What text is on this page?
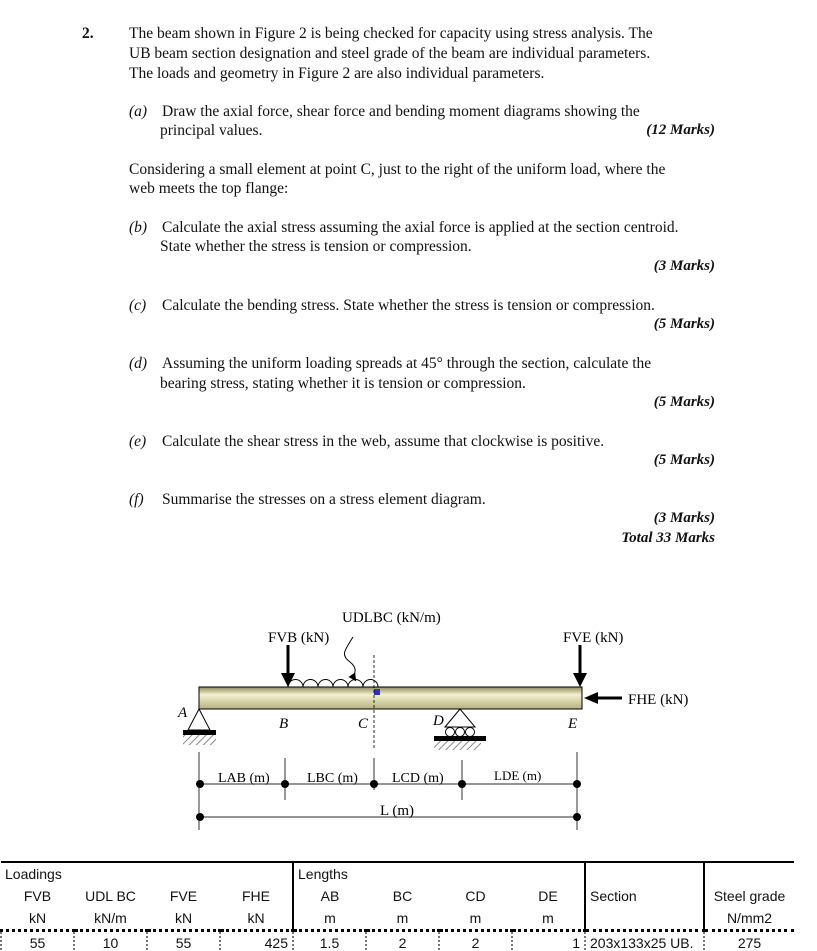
2. The beam shown in Figure 2 is being checked for capacity using stress analysis. The
UB beam section designation and steel grade of the beam are individual parameters.
The loads and geometry in Figure 2 are also individual parameters.
(a) Draw the axial force, shear force and bending moment diagrams showing the
principal values.	(12 Marks)
Considering a small element at point C, just to the right of the uniform load, where the
web meets the top flange:
(b) Calculate the axial stress assuming the axial force is applied at the section centroid.
State whether the stress is tension or compression.
(3 Marks)
(c) Calculate the bending stress. State whether the stress is tension or compression.
(5 Marks)
(d) Assuming the uniform loading spreads at 45° through the section, calculate the
bearing stress, stating whether it is tension or compression.
(5 Marks)
(e) Calculate the shear stress in the web, assume that clockwise is positive.
(5 Marks)
(f) Summarise the stresses on a stress element diagram.
(3 Marks)
Total 33 Marks
UDLBC (kN/m)
FVB (kN)	FVE (kN)
FHE (kN)
A
B	C	D	E
LAB (m)	LBC (m) LCD (m)	LDE (m)
L (m)
Loadings				Lengths					
FVB	UDL BC	FVE	FHE	AB	BC	CD	DE	Section	Steel grade
kN	kN/m	kN	kN	m	m	m	m		N/mm2
55	10	55	425	1.5	2	2	1	203x133x25 UB.	275
